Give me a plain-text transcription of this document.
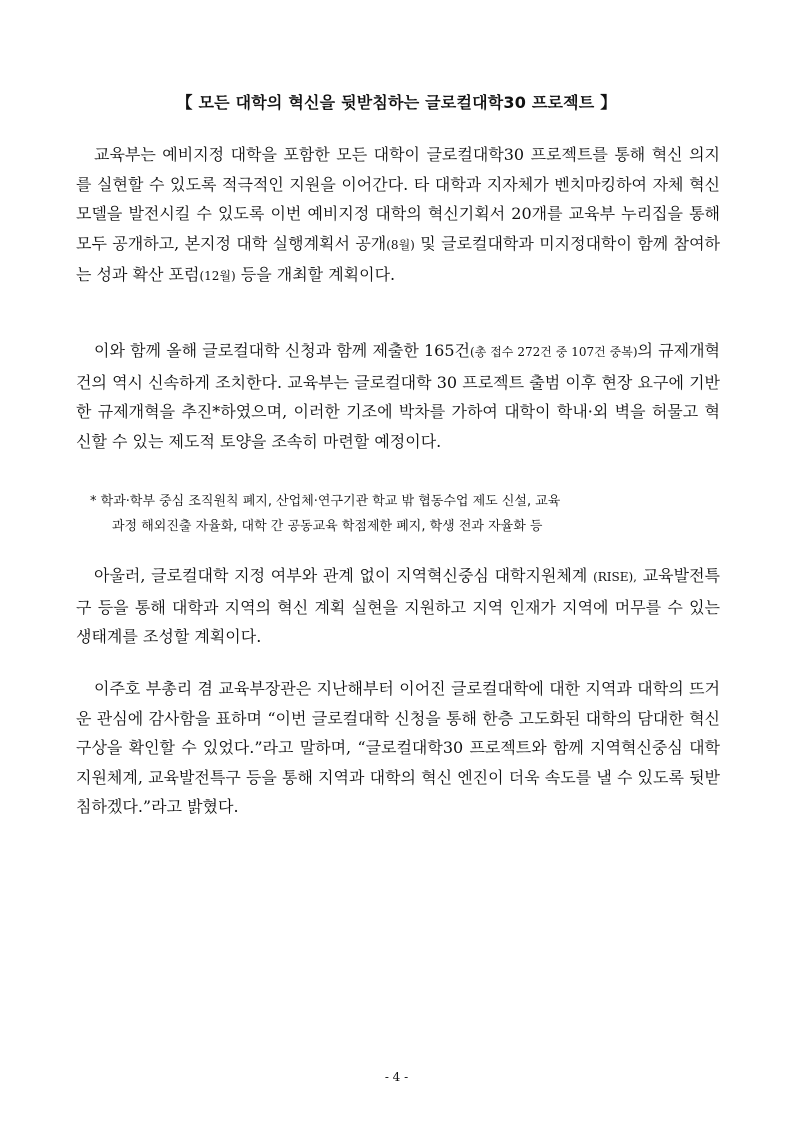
【 모든 대학의 혁신을 뒷받침하는 글로컬대학30 프로젝트 】

교육부는 예비지정 대학을 포함한 모든 대학이 글로컬대학30 프로젝트를 통해 혁신 의지를 실현할 수 있도록 적극적인 지원을 이어간다. 타 대학과 지자체가 벤치마킹하여 자체 혁신모델을 발전시킬 수 있도록 이번 예비지정 대학의 혁신기획서 20개를 교육부 누리집을 통해 모두 공개하고, 본지정 대학 실행계획서 공개(8월) 및 글로컬대학과 미지정대학이 함께 참여하는 성과 확산 포럼(12월) 등을 개최할 계획이다.

이와 함께 올해 글로컬대학 신청과 함께 제출한 165건(총 접수 272건 중 107건 중복)의 규제개혁 건의 역시 신속하게 조치한다. 교육부는 글로컬대학 30 프로젝트 출범 이후 현장 요구에 기반한 규제개혁을 추진*하였으며, 이러한 기조에 박차를 가하여 대학이 학내·외 벽을 허물고 혁신할 수 있는 제도적 토양을 조속히 마련할 예정이다.

* 학과·학부 중심 조직원칙 폐지, 산업체·연구기관 학교 밖 협동수업 제도 신설, 교육
과정 해외진출 자율화, 대학 간 공동교육 학점제한 폐지, 학생 전과 자율화 등

아울러, 글로컬대학 지정 여부와 관계 없이 지역혁신중심 대학지원체계 (RISE), 교육발전특구 등을 통해 대학과 지역의 혁신 계획 실현을 지원하고 지역 인재가 지역에 머무를 수 있는 생태계를 조성할 계획이다.

이주호 부총리 겸 교육부장관은 지난해부터 이어진 글로컬대학에 대한 지역과 대학의 뜨거운 관심에 감사함을 표하며 “이번 글로컬대학 신청을 통해 한층 고도화된 대학의 담대한 혁신 구상을 확인할 수 있었다.”라고 말하며, “글로컬대학30 프로젝트와 함께 지역혁신중심 대학지원체계, 교육발전특구 등을 통해 지역과 대학의 혁신 엔진이 더욱 속도를 낼 수 있도록 뒷받침하겠다.”라고 밝혔다.

- 4 -
